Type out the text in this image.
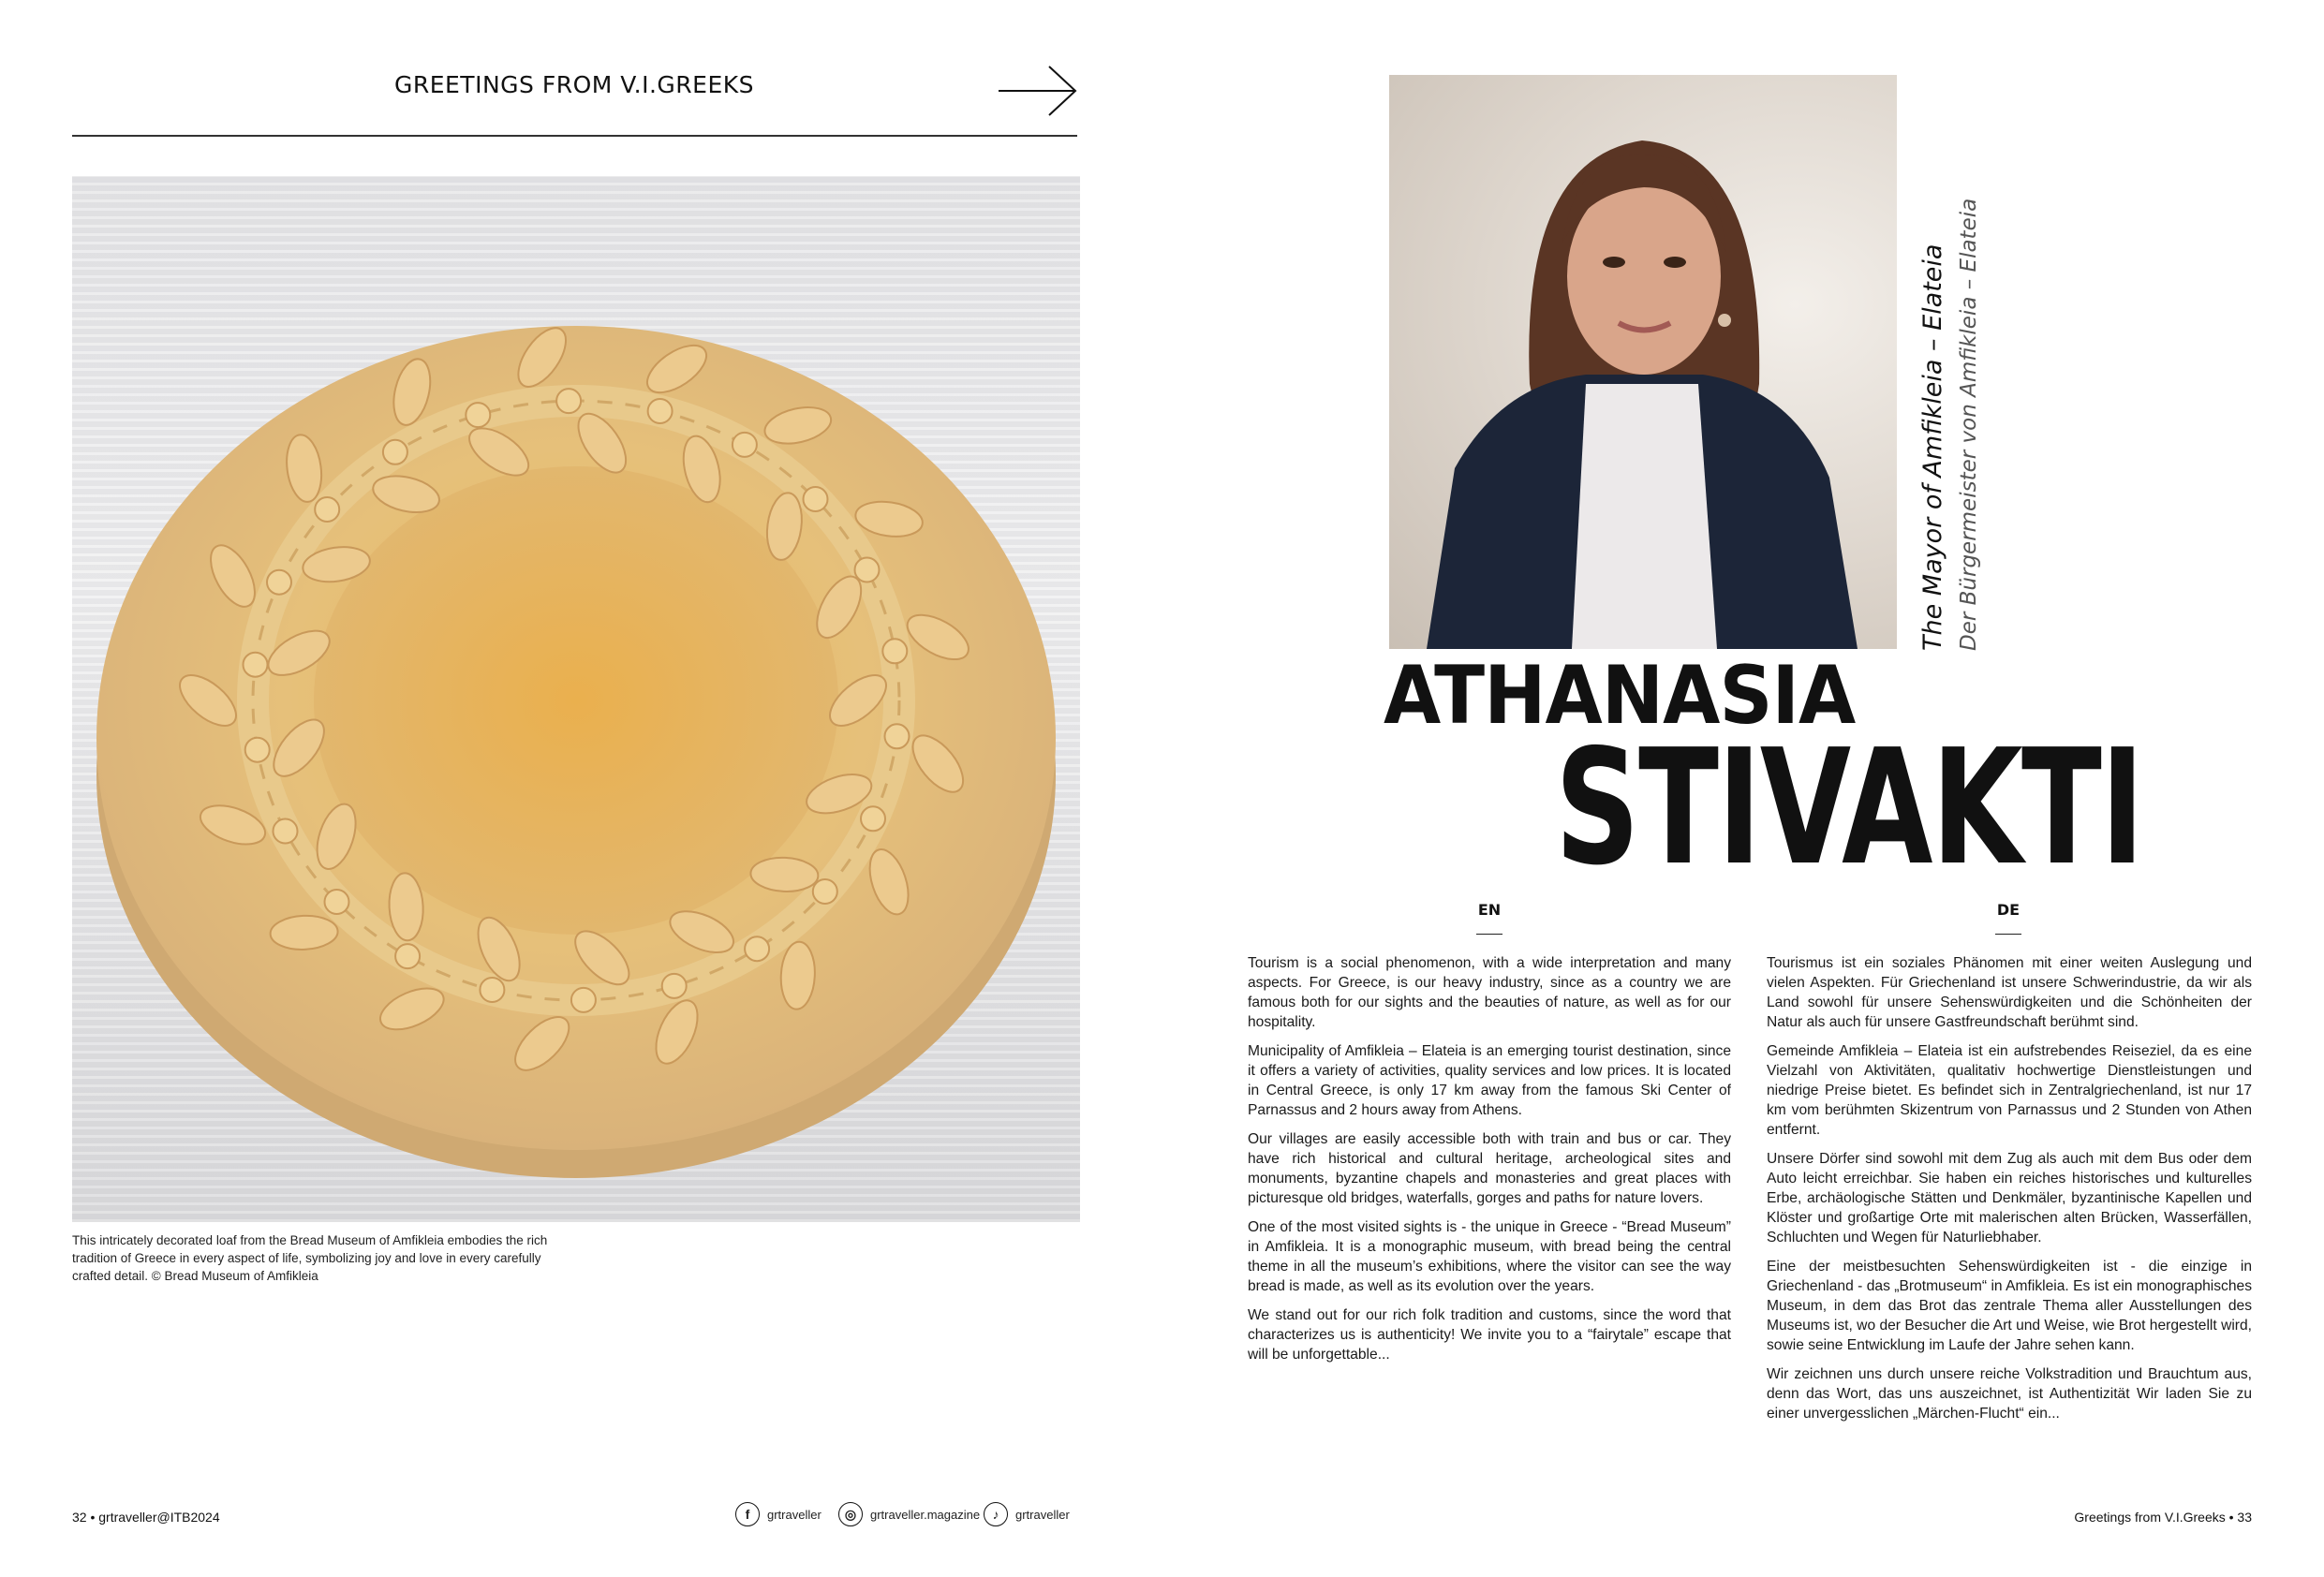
GREETINGS FROM V.I.GREEKS
This intricately decorated loaf from the Bread Museum of Amfikleia embodies the rich tradition of Greece in every aspect of life, symbolizing joy and love in every carefully crafted detail. © Bread Museum of Amfikleia
The Mayor of Amfikleia – Elateia Der Bürgermeister von Amfikleia – Elateia
ATHANASIA
STIVAKTI
EN	DE

Tourism is a social phenomenon, with a wide interpretation and many aspects. For Greece, is our heavy industry, since as a country we are famous both for our sights and the beauties of nature, as well as for our hospitality.

Municipality of Amfikleia – Elateia is an emerging tourist destination, since it offers a variety of activities, quality services and low prices. It is located in Central Greece, is only 17 km away from the famous Ski Center of Parnassus and 2 hours away from Athens.

Our villages are easily accessible both with train and bus or car. They have rich historical and cultural heritage, archeological sites and monuments, byzantine chapels and monasteries and great places with picturesque old bridges, waterfalls, gorges and paths for nature lovers.

One of the most visited sights is - the unique in Greece - “Bread Museum” in Amfikleia. It is a monographic museum, with bread being the central theme in all the museum’s exhibitions, where the visitor can see the way bread is made, as well as its evolution over the years.

We stand out for our rich folk tradition and customs, since the word that characterizes us is authenticity! We invite you to a “fairytale” escape that will be unforgettable...

Tourismus ist ein soziales Phänomen mit einer weiten Auslegung und vielen Aspekten. Für Griechenland ist unsere Schwerindustrie, da wir als Land sowohl für unsere Sehenswürdigkeiten und die Schönheiten der Natur als auch für unsere Gastfreundschaft berühmt sind.

Gemeinde Amfikleia – Elateia ist ein aufstrebendes Reiseziel, da es eine Vielzahl von Aktivitäten, qualitativ hochwertige Dienstleistungen und niedrige Preise bietet. Es befindet sich in Zentralgriechenland, ist nur 17 km vom berühmten Skizentrum von Parnassus und 2 Stunden von Athen entfernt.

Unsere Dörfer sind sowohl mit dem Zug als auch mit dem Bus oder dem Auto leicht erreichbar. Sie haben ein reiches historisches und kulturelles Erbe, archäologische Stätten und Denkmäler, byzantinische Kapellen und Klöster und großartige Orte mit malerischen alten Brücken, Wasserfällen, Schluchten und Wegen für Naturliebhaber.

Eine der meistbesuchten Sehenswürdigkeiten ist - die einzige in Griechenland - das „Brotmuseum“ in Amfikleia. Es ist ein monographisches Museum, in dem das Brot das zentrale Thema aller Ausstellungen des Museums ist, wo der Besucher die Art und Weise, wie Brot hergestellt wird, sowie seine Entwicklung im Laufe der Jahre sehen kann.

Wir zeichnen uns durch unsere reiche Volkstradition und Brauchtum aus, denn das Wort, das uns auszeichnet, ist Authentizität Wir laden Sie zu einer unvergesslichen „Märchen-Flucht“ ein...

32 • grtraveller@ITB2024	f	grtraveller	◎	grtraveller.magazine ♪	grtraveller	Greetings from V.I.Greeks • 33
